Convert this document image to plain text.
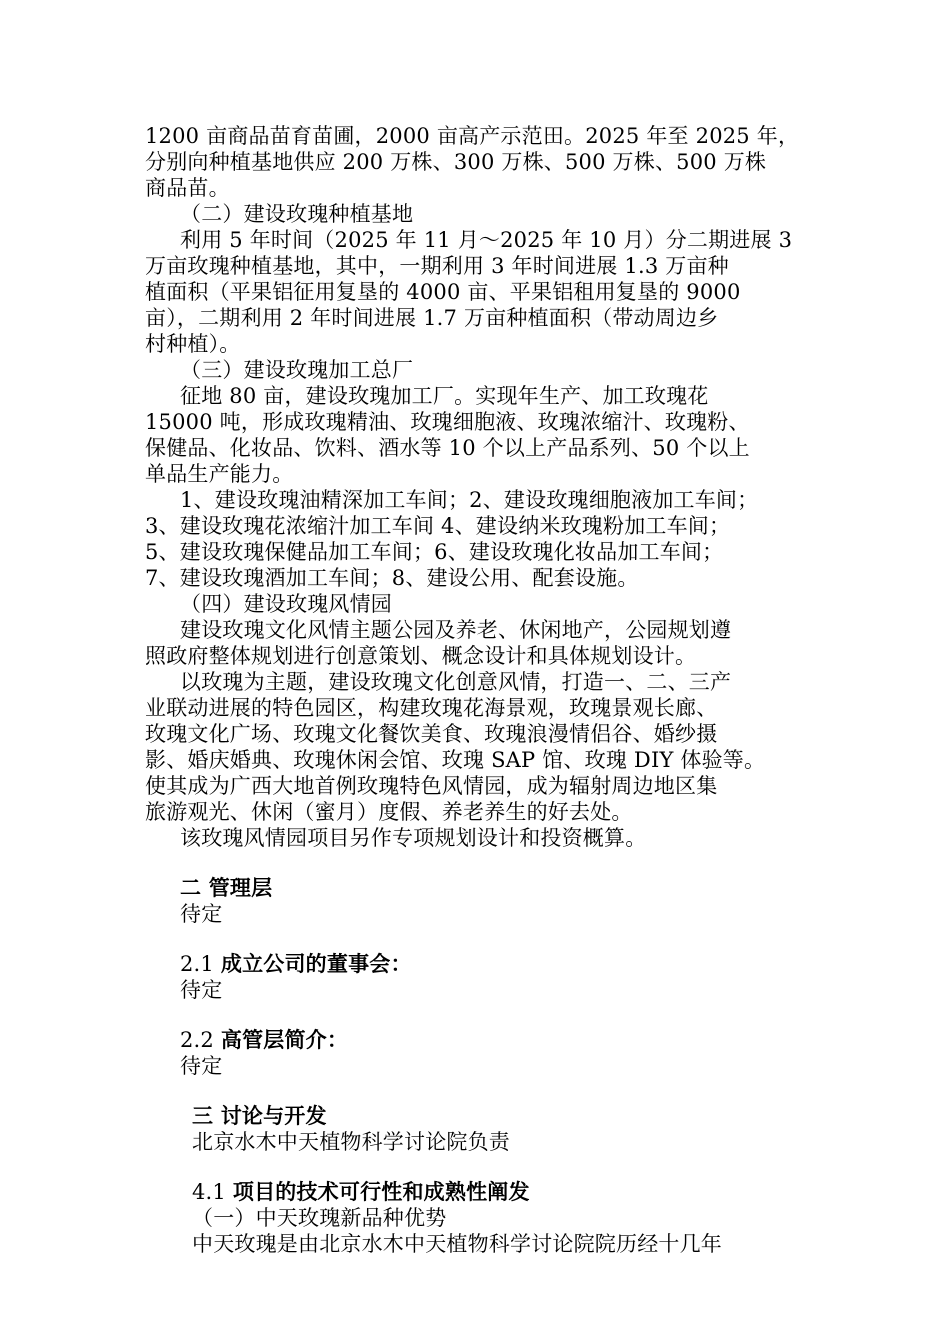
1200 亩商品苗育苗圃，2000 亩高产示范田。2025 年至 2025 年，
分别向种植基地供应 200 万株、300 万株、500 万株、500 万株
商品苗。
（二）建设玫瑰种植基地
利用 5 年时间（2025 年 11 月～2025 年 10 月）分二期进展 3
万亩玫瑰种植基地，其中，一期利用 3 年时间进展 1.3 万亩种
植面积（平果铝征用复垦的 4000 亩、平果铝租用复垦的 9000
亩），二期利用 2 年时间进展 1.7 万亩种植面积（带动周边乡
村种植）。
（三）建设玫瑰加工总厂
征地 80 亩，建设玫瑰加工厂。实现年生产、加工玫瑰花
15000 吨，形成玫瑰精油、玫瑰细胞液、玫瑰浓缩汁、玫瑰粉、
保健品、化妆品、饮料、酒水等 10 个以上产品系列、50 个以上
单品生产能力。
1、建设玫瑰油精深加工车间；2、建设玫瑰细胞液加工车间；
3、建设玫瑰花浓缩汁加工车间 4、建设纳米玫瑰粉加工车间；
5、建设玫瑰保健品加工车间；6、建设玫瑰化妆品加工车间；
7、建设玫瑰酒加工车间；8、建设公用、配套设施。
（四）建设玫瑰风情园
建设玫瑰文化风情主题公园及养老、休闲地产，公园规划遵
照政府整体规划进行创意策划、概念设计和具体规划设计。
以玫瑰为主题，建设玫瑰文化创意风情，打造一、二、三产
业联动进展的特色园区，构建玫瑰花海景观，玫瑰景观长廊、
玫瑰文化广场、玫瑰文化餐饮美食、玫瑰浪漫情侣谷、婚纱摄
影、婚庆婚典、玫瑰休闲会馆、玫瑰 SAP 馆、玫瑰 DIY 体验等。
使其成为广西大地首例玫瑰特色风情园，成为辐射周边地区集
旅游观光、休闲（蜜月）度假、养老养生的好去处。
该玫瑰风情园项目另作专项规划设计和投资概算。
二 管理层
待定
2.1 成立公司的董事会：
待定
2.2 高管层简介：
待定
三 讨论与开发
北京水木中天植物科学讨论院负责
4.1 项目的技术可行性和成熟性阐发
（一）中天玫瑰新品种优势
中天玫瑰是由北京水木中天植物科学讨论院院历经十几年
